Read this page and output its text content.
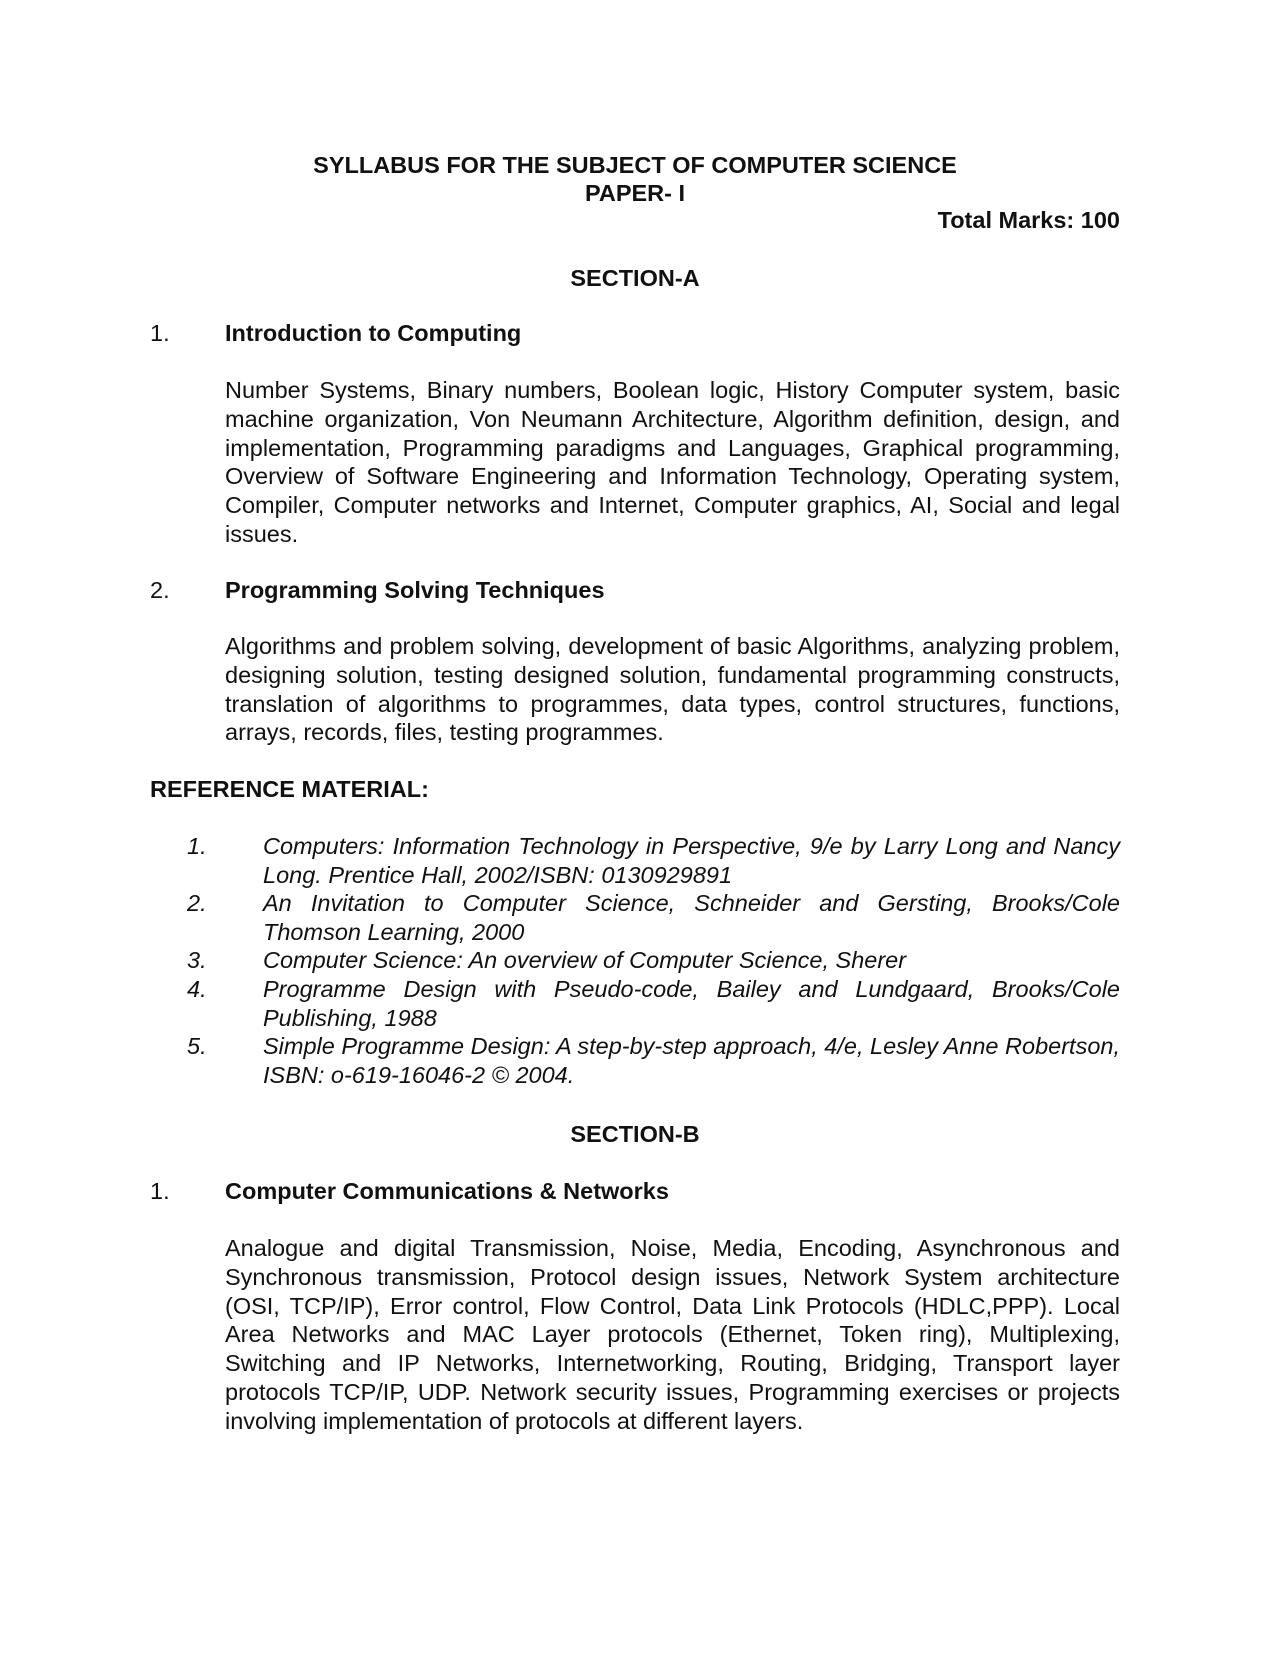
SYLLABUS FOR THE SUBJECT OF COMPUTER SCIENCE

PAPER- I

Total Marks: 100

SECTION-A

1. Introduction to Computing

Number Systems, Binary numbers, Boolean logic, History Computer system, basic machine organization, Von Neumann Architecture, Algorithm definition, design, and implementation, Programming paradigms and Languages, Graphical programming, Overview of Software Engineering and Information Technology, Operating system, Compiler, Computer networks and Internet, Computer graphics, AI, Social and legal issues.

2. Programming Solving Techniques

Algorithms and problem solving, development of basic Algorithms, analyzing problem, designing solution, testing designed solution, fundamental programming constructs, translation of algorithms to programmes, data types, control structures, functions, arrays, records, files, testing programmes.

REFERENCE MATERIAL:

1. Computers: Information Technology in Perspective, 9/e by Larry Long and Nancy Long. Prentice Hall, 2002/ISBN: 0130929891

2. An Invitation to Computer Science, Schneider and Gersting, Brooks/Cole Thomson Learning, 2000

3. Computer Science: An overview of Computer Science, Sherer

4. Programme Design with Pseudo-code, Bailey and Lundgaard, Brooks/Cole Publishing, 1988

5. Simple Programme Design: A step-by-step approach, 4/e, Lesley Anne Robertson, ISBN: o-619-16046-2 © 2004.

SECTION-B

1. Computer Communications & Networks

Analogue and digital Transmission, Noise, Media, Encoding, Asynchronous and Synchronous transmission, Protocol design issues, Network System architecture (OSI, TCP/IP), Error control, Flow Control, Data Link Protocols (HDLC,PPP). Local Area Networks and MAC Layer protocols (Ethernet, Token ring), Multiplexing, Switching and IP Networks, Internetworking, Routing, Bridging, Transport layer protocols TCP/IP, UDP. Network security issues, Programming exercises or projects involving implementation of protocols at different layers.
